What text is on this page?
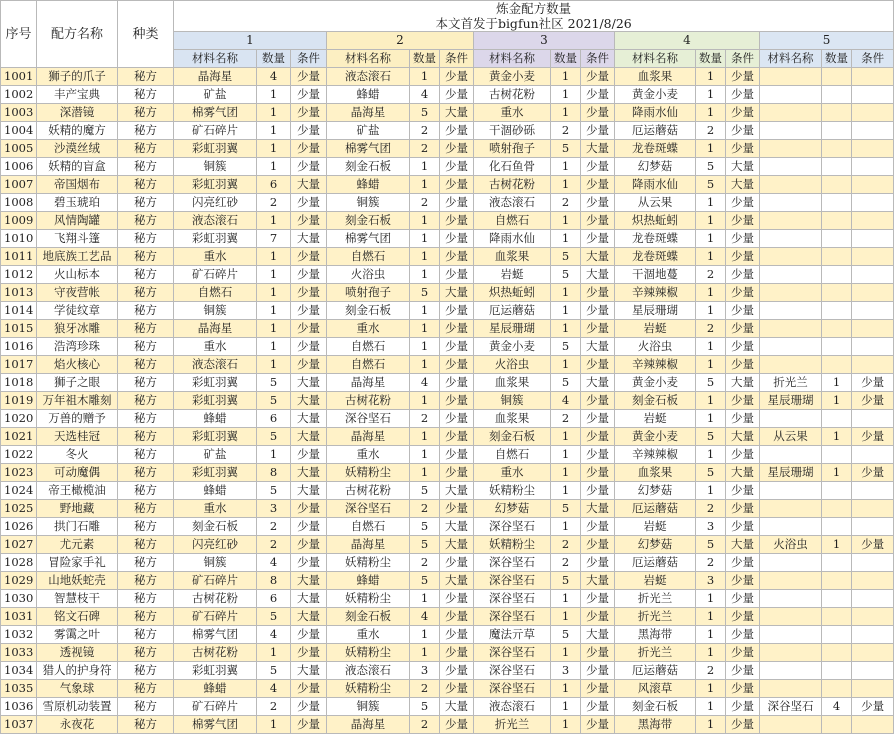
序号	配方名称	种类	炼金配方数量
本文首发于bigfun社区 2021/8/26														

			1			2			3			4			5		
			材料名称	数量	条件	材料名称	数量	条件	材料名称	数量	条件	材料名称	数量	条件	材料名称	数量	条件
1001	狮子的爪子	秘方	晶海星	4	少量	液态滚石	1	少量	黄金小麦	1	少量	血浆果	1	少量			
1002	丰产宝典	秘方	矿盐	1	少量	蜂蜡	4	少量	古树花粉	1	少量	黄金小麦	1	少量			
1003	深潜镜	秘方	棉雾气团	1	少量	晶海星	5	大量	重水	1	少量	降雨水仙	1	少量			
1004	妖精的魔方	秘方	矿石碎片	1	少量	矿盐	2	少量	干涸砂砾	2	少量	厄运蘑菇	2	少量			
1005	沙漠丝绒	秘方	彩虹羽翼	1	少量	棉雾气团	2	少量	喷射孢子	5	大量	龙卷斑蝶	1	少量			
1006	妖精的盲盒	秘方	铜簇	1	少量	刻金石板	1	少量	化石鱼骨	1	少量	幻梦菇	5	大量			
1007	帝国烟布	秘方	彩虹羽翼	6	大量	蜂蜡	1	少量	古树花粉	1	少量	降雨水仙	5	大量			
1008	碧玉琥珀	秘方	闪亮红砂	2	少量	铜簇	2	少量	液态滚石	2	少量	从云果	1	少量			
1009	风情陶罐	秘方	液态滚石	1	少量	刻金石板	1	少量	自燃石	1	少量	炽热蚯蚓	1	少量			
1010	飞翔斗篷	秘方	彩虹羽翼	7	大量	棉雾气团	1	少量	降雨水仙	1	少量	龙卷斑蝶	1	少量			
1011	地底族工艺品	秘方	重水	1	少量	自燃石	1	少量	血浆果	5	大量	龙卷斑蝶	1	少量			
1012	火山标本	秘方	矿石碎片	1	少量	火浴虫	1	少量	岩蜓	5	大量	干涸地蔓	2	少量			
1013	守夜营帐	秘方	自燃石	1	少量	喷射孢子	5	大量	炽热蚯蚓	1	少量	辛辣辣椒	1	少量			
1014	学徒纹章	秘方	铜簇	1	少量	刻金石板	1	少量	厄运蘑菇	1	少量	星辰珊瑚	1	少量			
1015	狼牙冰雕	秘方	晶海星	1	少量	重水	1	少量	星辰珊瑚	1	少量	岩蜓	2	少量			
1016	浩湾珍珠	秘方	重水	1	少量	自燃石	1	少量	黄金小麦	5	大量	火浴虫	1	少量			
1017	焰火核心	秘方	液态滚石	1	少量	自燃石	1	少量	火浴虫	1	少量	辛辣辣椒	1	少量			
1018	狮子之眼	秘方	彩虹羽翼	5	大量	晶海星	4	少量	血浆果	5	大量	黄金小麦	5	大量	折光兰	1	少量
1019	万年祖木雕刻	秘方	彩虹羽翼	5	大量	古树花粉	1	少量	铜簇	4	少量	刻金石板	1	少量	星辰珊瑚	1	少量
1020	万兽的赠予	秘方	蜂蜡	6	大量	深谷坚石	2	少量	血浆果	2	少量	岩蜓	1	少量			
1021	天选桂冠	秘方	彩虹羽翼	5	大量	晶海星	1	少量	刻金石板	1	少量	黄金小麦	5	大量	从云果	1	少量
1022	冬火	秘方	矿盐	1	少量	重水	1	少量	自燃石	1	少量	辛辣辣椒	1	少量			
1023	可动魔偶	秘方	彩虹羽翼	8	大量	妖精粉尘	1	少量	重水	1	少量	血浆果	5	大量	星辰珊瑚	1	少量
1024	帝王橄榄油	秘方	蜂蜡	5	大量	古树花粉	5	大量	妖精粉尘	1	少量	幻梦菇	1	少量			
1025	野地藏	秘方	重水	3	少量	深谷坚石	2	少量	幻梦菇	5	大量	厄运蘑菇	2	少量			
1026	拱门石雕	秘方	刻金石板	2	少量	自燃石	5	大量	深谷坚石	1	少量	岩蜓	3	少量			
1027	尤元素	秘方	闪亮红砂	2	少量	晶海星	5	大量	妖精粉尘	2	少量	幻梦菇	5	大量	火浴虫	1	少量
1028	冒险家手礼	秘方	铜簇	4	少量	妖精粉尘	2	少量	深谷坚石	2	少量	厄运蘑菇	2	少量			
1029	山地妖蛇壳	秘方	矿石碎片	8	大量	蜂蜡	5	大量	深谷坚石	5	大量	岩蜓	3	少量			
1030	智慧枝干	秘方	古树花粉	6	大量	妖精粉尘	1	少量	深谷坚石	1	少量	折光兰	1	少量			
1031	铭文石碑	秘方	矿石碎片	5	大量	刻金石板	4	少量	深谷坚石	1	少量	折光兰	1	少量			
1032	雾霭之叶	秘方	棉雾气团	4	少量	重水	1	少量	魔法亓草	5	大量	黑海带	1	少量			
1033	透视镜	秘方	古树花粉	1	少量	妖精粉尘	1	少量	深谷坚石	1	少量	折光兰	1	少量			
1034	猎人的护身符	秘方	彩虹羽翼	5	大量	液态滚石	3	少量	深谷坚石	3	少量	厄运蘑菇	2	少量			
1035	气象球	秘方	蜂蜡	4	少量	妖精粉尘	2	少量	深谷坚石	1	少量	风滚草	1	少量			
1036	雪原机动装置	秘方	矿石碎片	2	少量	铜簇	5	大量	液态滚石	1	少量	刻金石板	1	少量	深谷坚石	4	少量
1037	永夜花	秘方	棉雾气团	1	少量	晶海星	2	少量	折光兰	1	少量	黑海带	1	少量			
